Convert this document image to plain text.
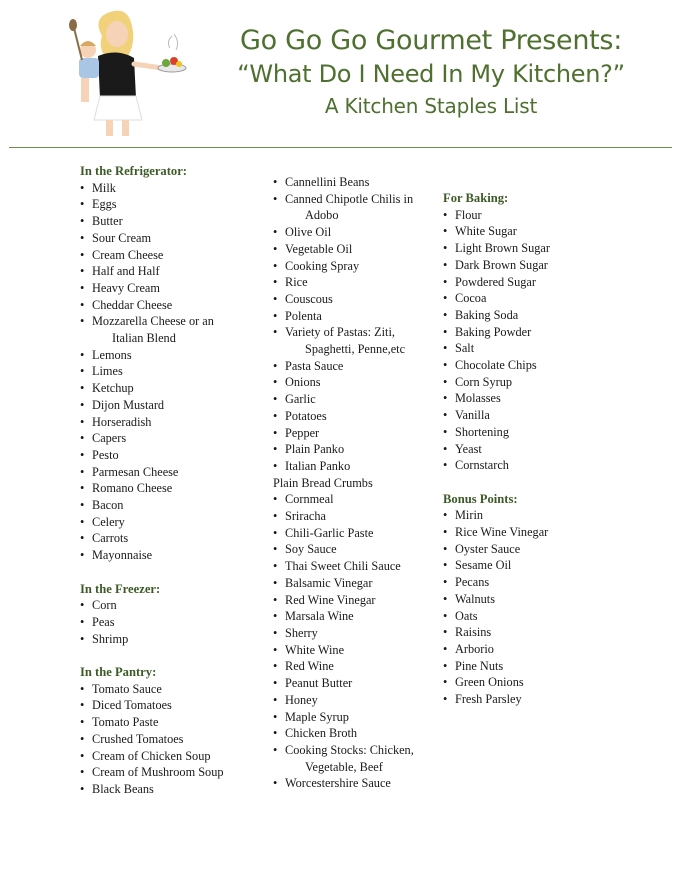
Go Go Go Gourmet Presents:
“What Do I Need In My Kitchen?”
A Kitchen Staples List
In the Refrigerator:
• Milk
• Eggs
• Butter
• Sour Cream
• Cream Cheese
• Half and Half
• Heavy Cream
• Cheddar Cheese
• Mozzarella Cheese or an
Italian Blend
• Lemons
• Limes
• Ketchup
• Dijon Mustard
• Horseradish
• Capers
• Pesto
• Parmesan Cheese
• Romano Cheese
• Bacon
• Celery
• Carrots
• Mayonnaise
In the Freezer:
• Corn
• Peas
• Shrimp
In the Pantry:
• Tomato Sauce
• Diced Tomatoes
• Tomato Paste
• Crushed Tomatoes
• Cream of Chicken Soup
• Cream of Mushroom Soup
• Black Beans
• Cannellini Beans
• Canned Chipotle Chilis in
Adobo
• Olive Oil
• Vegetable Oil
• Cooking Spray
• Rice
• Couscous
• Polenta
• Variety of Pastas: Ziti,
Spaghetti, Penne,etc
• Pasta Sauce
• Onions
• Garlic
• Potatoes
• Pepper
• Plain Panko
• Italian Panko
Plain Bread Crumbs
• Cornmeal
• Sriracha
• Chili-Garlic Paste
• Soy Sauce
• Thai Sweet Chili Sauce
• Balsamic Vinegar
• Red Wine Vinegar
• Marsala Wine
• Sherry
• White Wine
• Red Wine
• Peanut Butter
• Honey
• Maple Syrup
• Chicken Broth
• Cooking Stocks: Chicken,
Vegetable, Beef
• Worcestershire Sauce
For Baking:
• Flour
• White Sugar
• Light Brown Sugar
• Dark Brown Sugar
• Powdered Sugar
• Cocoa
• Baking Soda
• Baking Powder
• Salt
• Chocolate Chips
• Corn Syrup
• Molasses
• Vanilla
• Shortening
• Yeast
• Cornstarch
Bonus Points:
• Mirin
• Rice Wine Vinegar
• Oyster Sauce
• Sesame Oil
• Pecans
• Walnuts
• Oats
• Raisins
• Arborio
• Pine Nuts
• Green Onions
• Fresh Parsley
